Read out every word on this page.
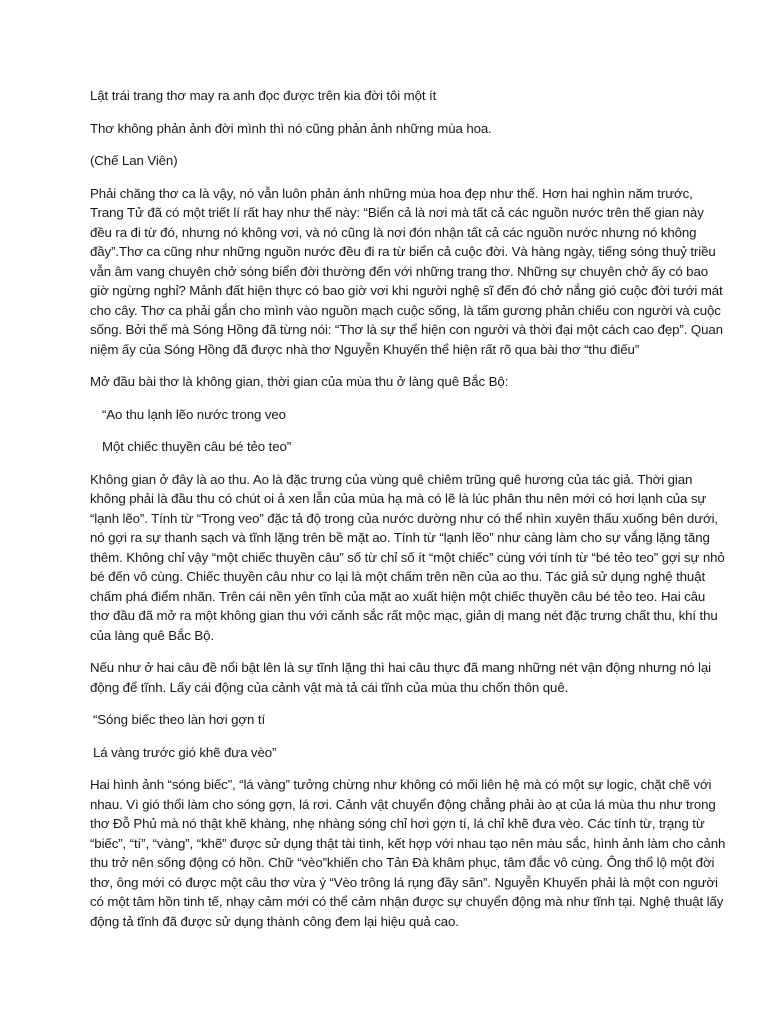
Lật trái trang thơ may ra anh đọc được trên kia đời tôi một ít

Thơ không phản ảnh đời mình thì nó cũng phản ảnh những mùa hoa.

(Chế Lan Viên)

Phải chăng thơ ca là vậy, nó vẫn luôn phản ánh những mùa hoa đẹp như thế. Hơn hai nghìn năm trước, Trang Tử đã có một triết lí rất hay như thế này: “Biển cả là nơi mà tất cả các nguồn nước trên thế gian này đều ra đi từ đó, nhưng nó không vơi, và nó cũng là nơi đón nhận tất cả các nguồn nước nhưng nó không đầy”.Thơ ca cũng như những nguồn nước đều đi ra từ biển cả cuộc đời. Và hàng ngày, tiếng sóng thuỷ triều vẫn âm vang chuyên chở sóng biển đời thường đến với những trang thơ. Những sự chuyên chở ấy có bao giờ ngừng nghỉ? Mảnh đất hiện thực có bao giờ vơi khi người nghệ sĩ đến đó chở nắng gió cuộc đời tưới mát cho cây. Thơ ca phải gắn cho mình vào nguồn mạch cuộc sống, là tấm gương phản chiếu con người và cuộc sống. Bởi thế mà Sóng Hồng đã từng nói: “Thơ là sự thể hiện con người và thời đại một cách cao đẹp”. Quan niệm ấy của Sóng Hồng đã được nhà thơ Nguyễn Khuyến thể hiện rất rõ qua bài thơ “thu điếu”

Mở đầu bài thơ là không gian, thời gian của mùa thu ở làng quê Bắc Bộ:

“Ao thu lạnh lẽo nước trong veo

Một chiếc thuyền câu bé tẻo teo”

Không gian ở đây là ao thu. Ao là đặc trưng của vùng quê chiêm trũng quê hương của tác giả. Thời gian không phải là đầu thu có chút oi ả xen lẫn của mùa hạ mà có lẽ là lúc phân thu nên mới có hơi lạnh của sự “lạnh lẽo”. Tính từ “Trong veo” đặc tả độ trong của nước dường như có thể nhìn xuyên thấu xuống bên dưới, nó gợi ra sự thanh sạch và tĩnh lặng trên bề mặt ao. Tính từ “lạnh lẽo” như càng làm cho sự vắng lặng tăng thêm. Không chỉ vậy “một chiếc thuyền câu” số từ chỉ số ít “một chiếc” cùng với tính từ “bé tẻo teo” gợi sự nhỏ bé đến vô cùng. Chiếc thuyền câu như co lại là một chấm trên nền của ao thu. Tác giả sử dụng nghệ thuật chấm phá điểm nhãn. Trên cái nền yên tĩnh của mặt ao xuất hiện một chiếc thuyền câu bé tẻo teo. Hai câu thơ đầu đã mở ra một không gian thu với cảnh sắc rất mộc mạc, giản dị mang nét đặc trưng chất thu, khí thu của làng quê Bắc Bộ.

Nếu như ở hai câu đề nổi bật lên là sự tĩnh lặng thì hai câu thực đã mang những nét vận động nhưng nó lại động để tĩnh. Lấy cái động của cảnh vật mà tả cái tĩnh của mùa thu chốn thôn quê.

“Sóng biếc theo làn hơi gợn tí

Lá vàng trước gió khẽ đưa vèo”

Hai hình ảnh “sóng biếc”, “lá vàng” tưởng chừng như không có mối liên hệ mà có một sự logic, chặt chẽ với nhau. Vì gió thổi làm cho sóng gợn, lá rơi. Cảnh vật chuyển động chẳng phải ào ạt của lá mùa thu như trong thơ Đỗ Phủ mà nó thật khẽ khàng, nhẹ nhàng sóng chỉ hơi gợn tí, lá chỉ khẽ đưa vèo. Các tính từ, trạng từ “biếc”, “tí”, “vàng”, “khẽ” được sử dụng thật tài tình, kết hợp với nhau tạo nên màu sắc, hình ảnh làm cho cảnh thu trở nên sống động có hồn. Chữ “vèo”khiến cho Tản Đà khâm phục, tâm đắc vô cùng. Ông thổ lộ một đời thơ, ông mới có được một câu thơ vừa ý “Vèo trông lá rụng đầy sân”. Nguyễn Khuyến phải là một con người có một tâm hồn tinh tế, nhạy cảm mới có thể cảm nhận được sự chuyển động mà như tĩnh tại. Nghệ thuật lấy động tả tĩnh đã được sử dụng thành công đem lại hiệu quả cao.
